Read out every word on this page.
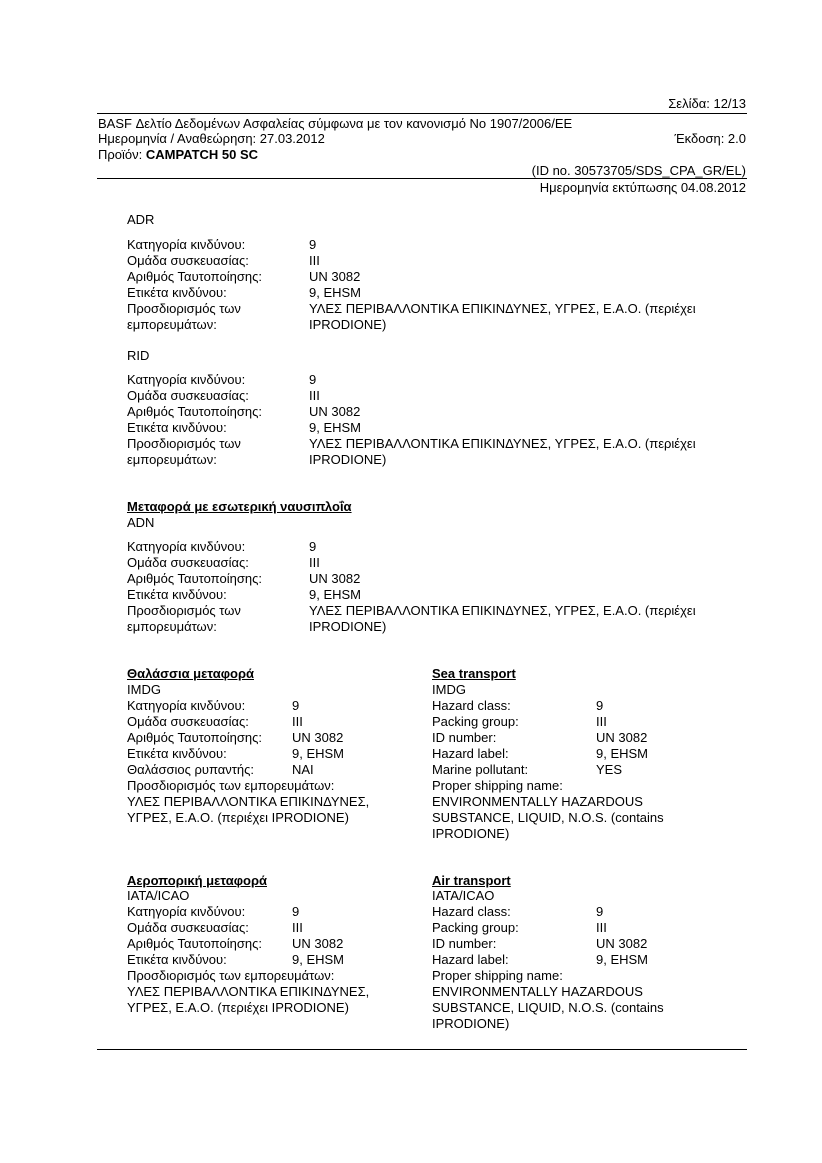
Σελίδα: 12/13
BASF Δελτίο Δεδομένων Ασφαλείας σύμφωνα με τον κανονισμό No 1907/2006/ΕΕ
Ημερομηνία / Αναθεώρηση: 27.03.2012	Έκδοση: 2.0
Προϊόν: CAMPATCH 50 SC
(ID no. 30573705/SDS_CPA_GR/EL)
Ημερομηνία εκτύπωσης 04.08.2012
ADR
Κατηγορία κινδύνου:	9
Ομάδα συσκευασίας:	III
Αριθμός Ταυτοποίησης:	UN 3082
Ετικέτα κινδύνου:	9, EHSM
Προσδιορισμός των	ΥΛΕΣ ΠΕΡΙΒΑΛΛΟΝΤΙΚΑ ΕΠΙΚΙΝΔΥΝΕΣ, ΥΓΡΕΣ, Ε.Α.Ο. (περιέχει
εμπορευμάτων:	IPRODIONE)
RID
Κατηγορία κινδύνου:	9
Ομάδα συσκευασίας:	III
Αριθμός Ταυτοποίησης:	UN 3082
Ετικέτα κινδύνου:	9, EHSM
Προσδιορισμός των	ΥΛΕΣ ΠΕΡΙΒΑΛΛΟΝΤΙΚΑ ΕΠΙΚΙΝΔΥΝΕΣ, ΥΓΡΕΣ, Ε.Α.Ο. (περιέχει
εμπορευμάτων:	IPRODIONE)
Μεταφορά με εσωτερική ναυσιπλοΐα
ADN
Κατηγορία κινδύνου:	9
Ομάδα συσκευασίας:	III
Αριθμός Ταυτοποίησης:	UN 3082
Ετικέτα κινδύνου:	9, EHSM
Προσδιορισμός των	ΥΛΕΣ ΠΕΡΙΒΑΛΛΟΝΤΙΚΑ ΕΠΙΚΙΝΔΥΝΕΣ, ΥΓΡΕΣ, Ε.Α.Ο. (περιέχει
εμπορευμάτων:	IPRODIONE)
Θαλάσσια μεταφορά
IMDG
Κατηγορία κινδύνου:	9
Ομάδα συσκευασίας:	III
Αριθμός Ταυτοποίησης: UN 3082
Ετικέτα κινδύνου:	9, EHSM
Θαλάσσιος ρυπαντής:	ΝΑΙ
Προσδιορισμός των εμπορευμάτων:
ΥΛΕΣ ΠΕΡΙΒΑΛΛΟΝΤΙΚΑ ΕΠΙΚΙΝΔΥΝΕΣ,
ΥΓΡΕΣ, Ε.Α.Ο. (περιέχει IPRODIONE)
Sea transport
IMDG
Hazard class:	9
Packing group:	III
ID number:	UN 3082
Hazard label:	9, EHSM
Marine pollutant:	YES
Proper shipping name:
ENVIRONMENTALLY HAZARDOUS
SUBSTANCE, LIQUID, N.O.S. (contains
IPRODIONE)
Αεροπορική μεταφορά
IATA/ICAO
Κατηγορία κινδύνου:	9
Ομάδα συσκευασίας:	III
Αριθμός Ταυτοποίησης: UN 3082
Ετικέτα κινδύνου:	9, EHSM
Προσδιορισμός των εμπορευμάτων:
ΥΛΕΣ ΠΕΡΙΒΑΛΛΟΝΤΙΚΑ ΕΠΙΚΙΝΔΥΝΕΣ,
ΥΓΡΕΣ, Ε.Α.Ο. (περιέχει IPRODIONE)
Air transport
IATA/ICAO
Hazard class:	9
Packing group:	III
ID number:	UN 3082
Hazard label:	9, EHSM
Proper shipping name:
ENVIRONMENTALLY HAZARDOUS
SUBSTANCE, LIQUID, N.O.S. (contains
IPRODIONE)
